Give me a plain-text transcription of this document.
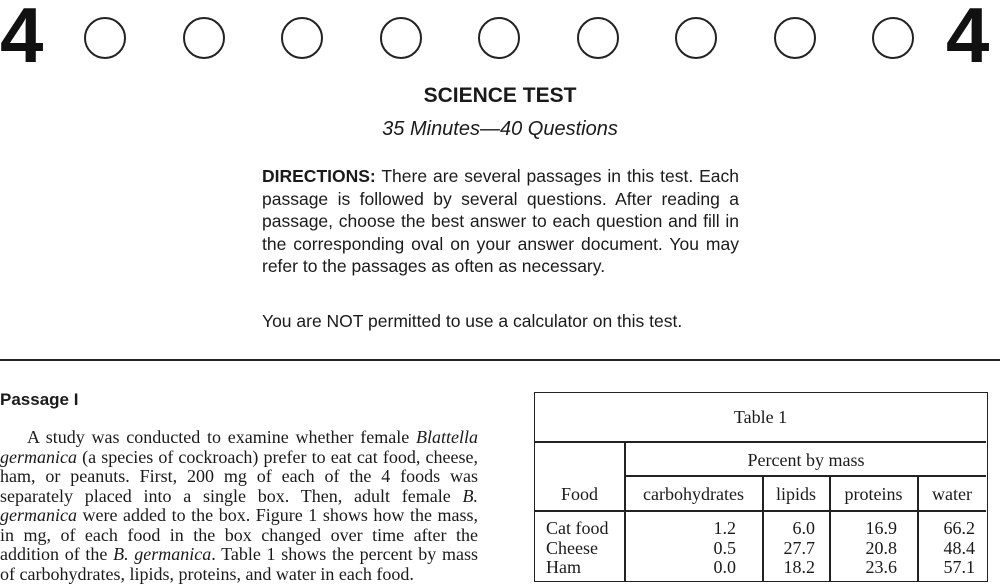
4	4
SCIENCE TEST
35 Minutes—40 Questions
DIRECTIONS: There are several passages in this test. Each passage is followed by several questions. After reading a passage, choose the best answer to each question and fill in the corresponding oval on your answer document. You may refer to the passages as often as necessary.
You are NOT permitted to use a calculator on this test.
Passage I
  A study was conducted to examine whether female Blattella germanica (a species of cockroach) prefer to eat cat food, cheese, ham, or peanuts. First, 200 mg of each of the 4 foods was separately placed into a single box. Then, adult female B. germanica were added to the box. Figure 1 shows how the mass, in mg, of each food in the box changed over time after the addition of the B. germanica. Table 1 shows the percent by mass of carbohydrates, lipids, proteins, and water in each food.
Table 1
Percent by mass
Food	carbohydrates	lipids	proteins	water
Cat food	1.2	6.0	16.9	66.2
Cheese	0.5	27.7	20.8	48.4
Ham	0.0	18.2	23.6	57.1
